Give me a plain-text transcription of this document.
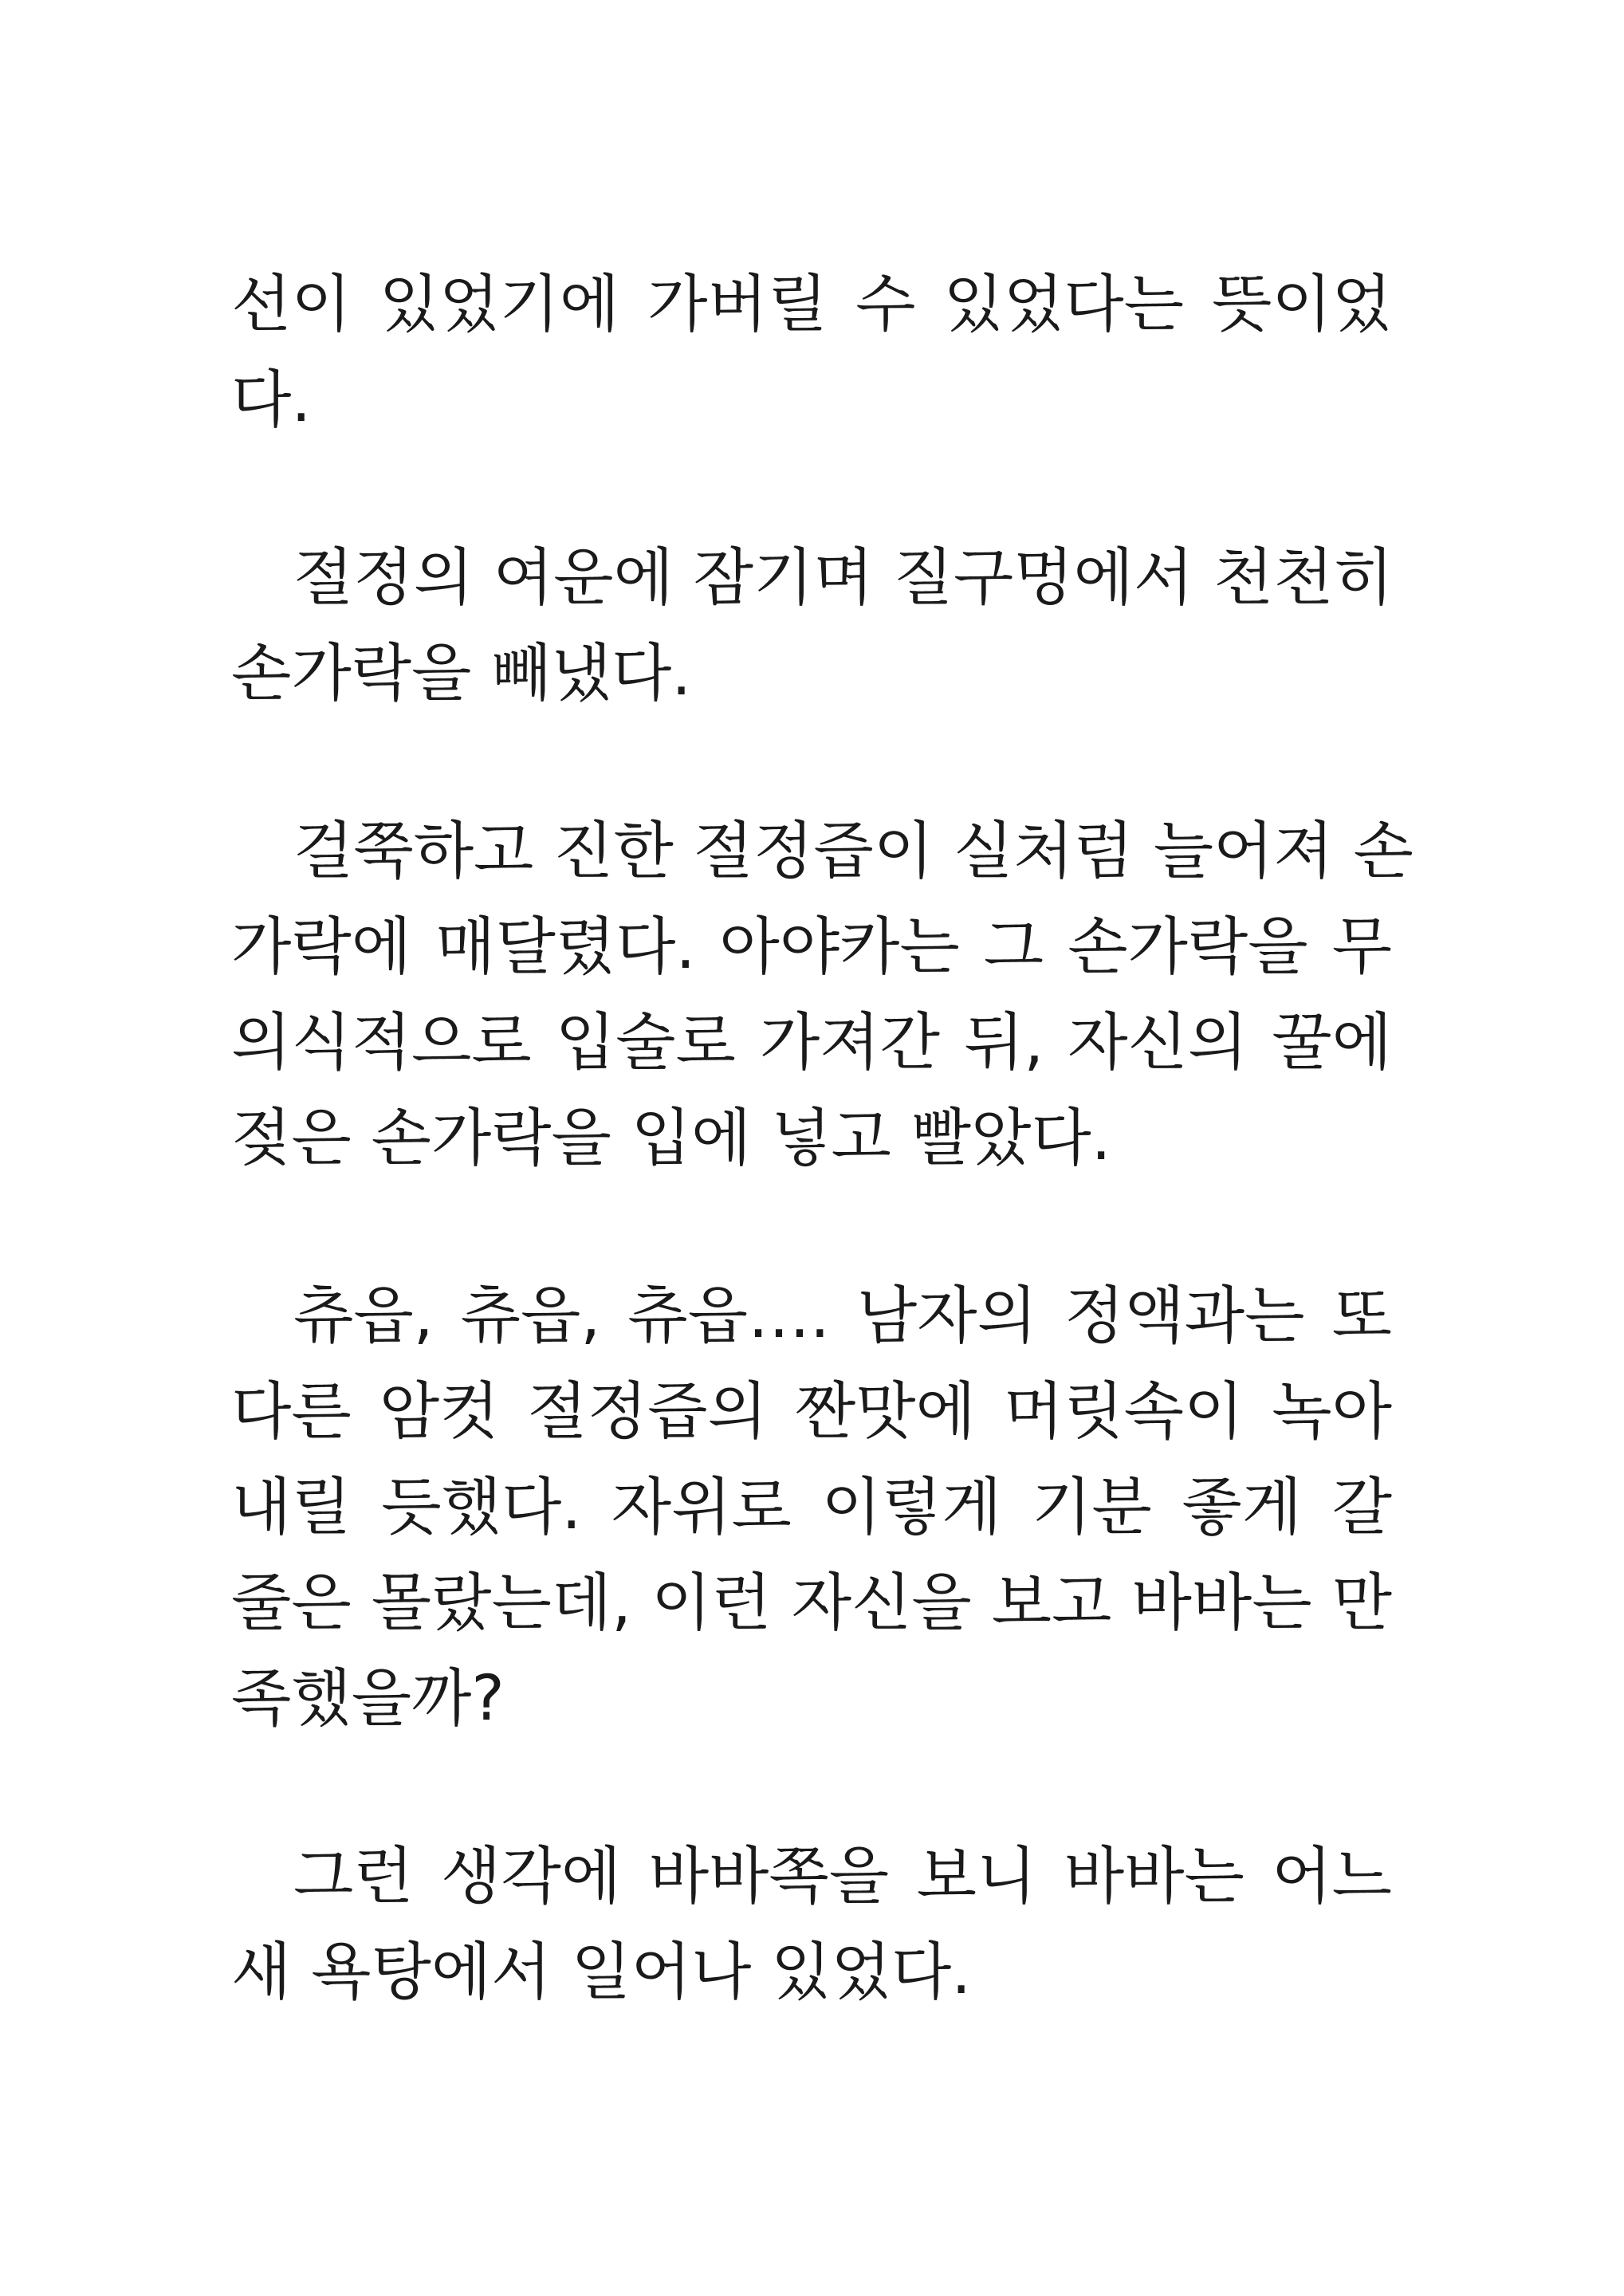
선이 있었기에 가버릴 수 있었다는 뜻이었
다.
절정의 여운에 잠기며 질구멍에서 천천히
손가락을 빼냈다.
걸쭉하고 진한 절정즙이 실처럼 늘어져 손
가락에 매달렸다. 아야카는 그 손가락을 무
의식적으로 입술로 가져간 뒤, 자신의 꿀에
젖은 손가락을 입에 넣고 빨았다.
츄읍, 츄읍, 츄읍…. 남자의 정액과는 또
다른 암컷 절정즙의 짠맛에 머릿속이 녹아
내릴 듯했다. 자위로 이렇게 기분 좋게 갈
줄은 몰랐는데, 이런 자신을 보고 바바는 만
족했을까?
그런 생각에 바바쪽을 보니 바바는 어느
새 욕탕에서 일어나 있었다.
